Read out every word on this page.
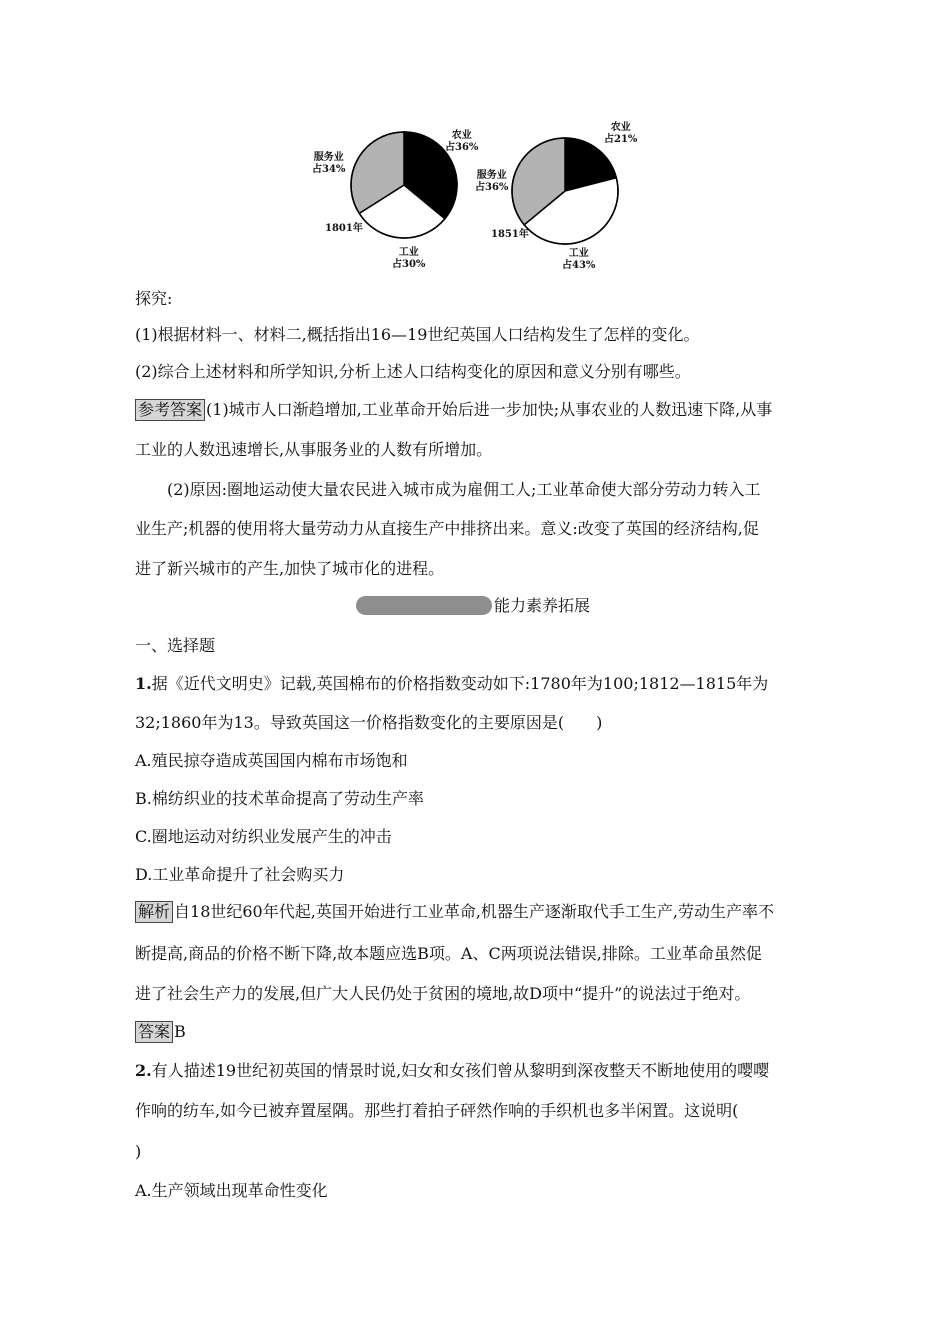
农业
占36%
服务业
占34%
1801年
工业
占30%
农业
占21%
服务业
占36%
1851年
工业
占43%
探究:
(1)根据材料一、材料二,概括指出16—19世纪英国人口结构发生了怎样的变化。
(2)综合上述材料和所学知识,分析上述人口结构变化的原因和意义分别有哪些。
参考答案 (1)城市人口渐趋增加,工业革命开始后进一步加快;从事农业的人数迅速下降,从事
工业的人数迅速增长,从事服务业的人数有所增加。
(2)原因:圈地运动使大量农民进入城市成为雇佣工人;工业革命使大部分劳动力转入工
业生产;机器的使用将大量劳动力从直接生产中排挤出来。意义:改变了英国的经济结构,促
进了新兴城市的产生,加快了城市化的进程。
能力素养拓展
一、选择题
1.据《近代文明史》记载,英国棉布的价格指数变动如下:1780年为100;1812—1815年为
32;1860年为13。导致英国这一价格指数变化的主要原因是(　　)
A.殖民掠夺造成英国国内棉布市场饱和
B.棉纺织业的技术革命提高了劳动生产率
C.圈地运动对纺织业发展产生的冲击
D.工业革命提升了社会购买力
解析 自18世纪60年代起,英国开始进行工业革命,机器生产逐渐取代手工生产,劳动生产率不
断提高,商品的价格不断下降,故本题应选B项。A、C两项说法错误,排除。工业革命虽然促
进了社会生产力的发展,但广大人民仍处于贫困的境地,故D项中“提升”的说法过于绝对。
答案 B
2.有人描述19世纪初英国的情景时说,妇女和女孩们曾从黎明到深夜整天不断地使用的嘤嘤
作响的纺车,如今已被弃置屋隅。那些打着拍子砰然作响的手织机也多半闲置。这说明(
)
A.生产领域出现革命性变化
